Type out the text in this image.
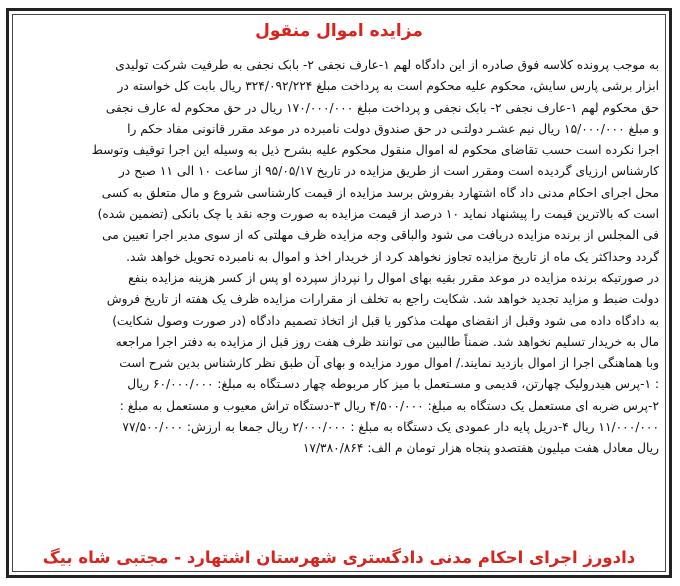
مزایده اموال منقول
به موجب پرونده کلاسه فوق صادره از این دادگاه لهم ۱-عارف نجفی ۲- بابک نجفی به طرفیت شرکت تولیدی
ابزار برشی پارس سایش، محکوم علیه محکوم است به پرداخت مبلغ ۳۲۴/۰۹۲/۲۲۴ ریال بابت کل خواسته در
حق محکوم لهم ۱-عارف نجفی ۲- بابک نجفی و پرداخت مبلغ ۱۷۰/۰۰۰/۰۰۰ ریال در حق محکوم له عارف نجفی
و مبلغ ۱۵/۰۰۰/۰۰۰ ریال نیم عشـر دولتـی در حق صندوق دولت نامبرده در موعد مقرر قانونی مفاد حکم را
اجرا نکرده است حسب تقاضای محکوم له اموال منقول محکوم علیه بشرح ذیل به وسیله این اجرا توقیف وتوسط
کارشناس ارزیای گردیده است ومقرر است از طریق مزایده در تاریخ ۹۵/۰۵/۱۷ از ساعت ۱۰ الی ۱۱ صبح در
محل اجرای احکام مدنی داد گاه اشتهارد بفروش برسد مزایده از قیمت کارشناسی شروع و مال متعلق به کسی
است که بالاترین قیمت را پیشنهاد نماید ۱۰ درصد از قیمت مزایده به صورت وجه نقد یا چک بانکی (تضمین شده)
فی المجلس از برنده مزایده دریافت می شود والباقی وجه مزایده ظرف مهلتی که از سوی مدیر اجرا تعیین می
گردد وحداکثر یک ماه از تاریخ مزایده تجاوز نخواهد کرد از خریدار اخذ و اموال به نامبرده تحویل خواهد شد.
در صورتیکه برنده مزایده در موعد مقرر بقیه بهای اموال را نپرداز سپرده او پس از کسر هزینه مزایده بنفع
دولت ضبط و مزاید تجدید خواهد شد. شکایت راجع به تخلف از مقرارات مزایده ظرف یک هفته از تاریخ فروش
به دادگاه داده می شود وقبل از انقضای مهلت مذکور یا قبل از اتخاذ تصمیم دادگاه (در صورت وصول شکایت)
مال به خریدار تسلیم نخواهد شد. ضمناً طالبین می توانند ظرف هفت روز قبل از مزایده به دفتر اجرا مراجعه
وبا هماهنگی اجرا از اموال بازدید نمایند./ اموال مورد مزایده و بهای آن طبق نظر کارشناس بدین شرح است
: ۱-پرس هیدرولیک چهارتن، قدیمی و مسـتعمل با میز کار مربوطه چهار دسـتگاه به مبلغ: ۶۰/۰۰۰/۰۰۰ ریال
۲-پرس ضربه ای مستعمل یک دستگاه به مبلغ: ۴/۵۰۰/۰۰۰ ریال ۳-دستگاه تراش معیوب و مستعمل به مبلغ :
۱۱/۰۰۰/۰۰۰ ریال ۴-دریل پایه دار عمودی یک دستگاه به مبلغ : ۲/۰۰۰/۰۰۰ ریال جمعا به ارزش: ۷۷/۵۰۰/۰۰۰
ریال معادل هفت میلیون هفتصدو پنجاه هزار تومان م الف: ۱۷/۳۸۰/۸۶۴
دادورز اجرای احکام مدنی دادگستری شهرستان اشتهارد - مجتبی شاه بیگ
